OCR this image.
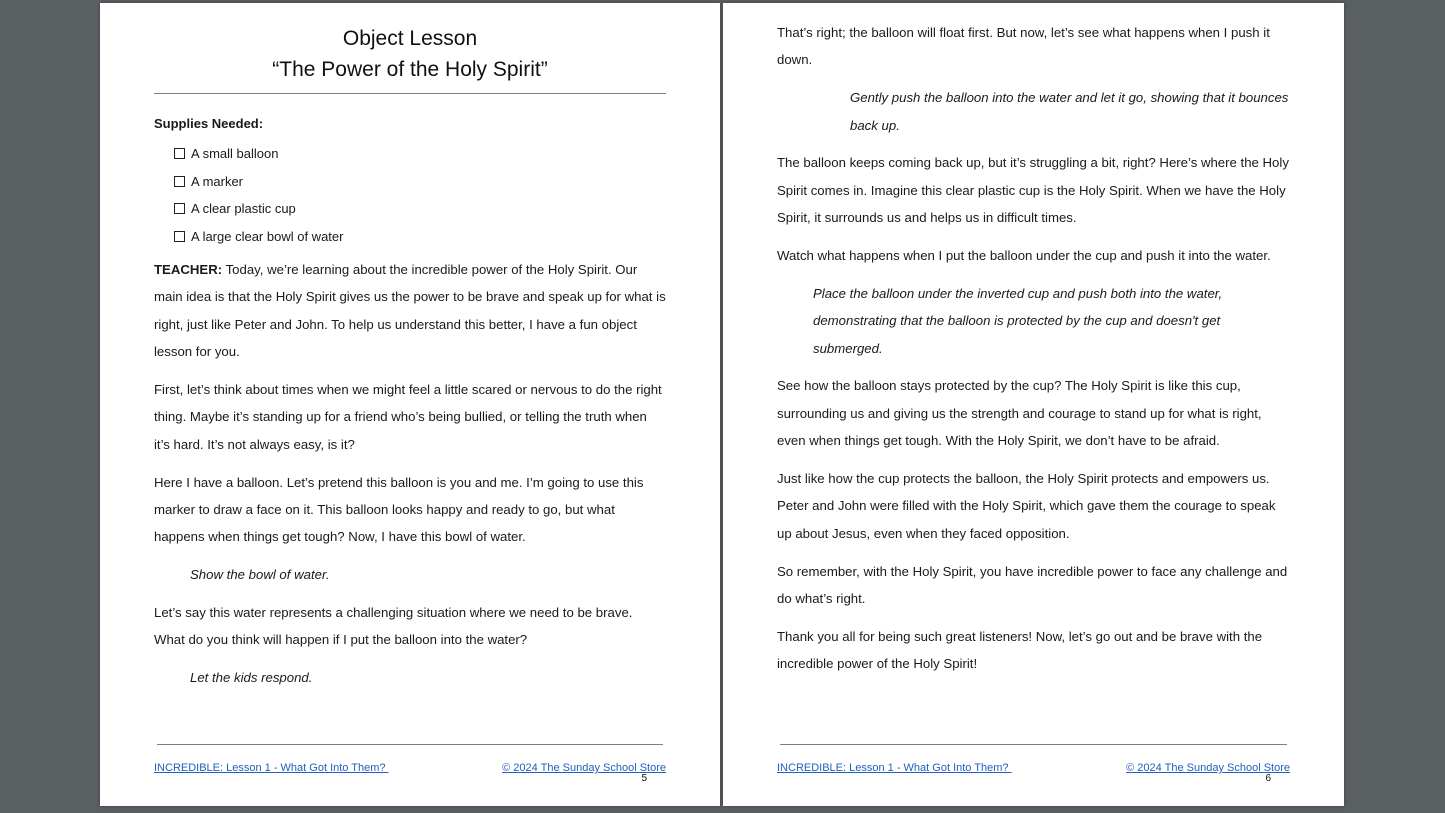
Object Lesson
“The Power of the Holy Spirit”
Supplies Needed:
A small balloon
A marker
A clear plastic cup
A large clear bowl of water

TEACHER: Today, we’re learning about the incredible power of the Holy Spirit. Our main idea is that the Holy Spirit gives us the power to be brave and speak up for what is right, just like Peter and John. To help us understand this better, I have a fun object lesson for you.

First, let’s think about times when we might feel a little scared or nervous to do the right thing. Maybe it’s standing up for a friend who’s being bullied, or telling the truth when it’s hard. It’s not always easy, is it?

Here I have a balloon. Let’s pretend this balloon is you and me. I’m going to use this marker to draw a face on it. This balloon looks happy and ready to go, but what happens when things get tough? Now, I have this bowl of water.

Show the bowl of water.

Let’s say this water represents a challenging situation where we need to be brave. What do you think will happen if I put the balloon into the water?

Let the kids respond.

INCREDIBLE: Lesson 1 - What Got Into Them?	© 2024 The Sunday School Store
5

That’s right; the balloon will float first. But now, let’s see what happens when I push it down.

Gently push the balloon into the water and let it go, showing that it bounces back up.

The balloon keeps coming back up, but it’s struggling a bit, right? Here’s where the Holy Spirit comes in. Imagine this clear plastic cup is the Holy Spirit. When we have the Holy Spirit, it surrounds us and helps us in difficult times.

Watch what happens when I put the balloon under the cup and push it into the water.

Place the balloon under the inverted cup and push both into the water, demonstrating that the balloon is protected by the cup and doesn't get submerged.

See how the balloon stays protected by the cup? The Holy Spirit is like this cup, surrounding us and giving us the strength and courage to stand up for what is right, even when things get tough. With the Holy Spirit, we don’t have to be afraid.

Just like how the cup protects the balloon, the Holy Spirit protects and empowers us. Peter and John were filled with the Holy Spirit, which gave them the courage to speak up about Jesus, even when they faced opposition.

So remember, with the Holy Spirit, you have incredible power to face any challenge and do what’s right.

Thank you all for being such great listeners! Now, let’s go out and be brave with the incredible power of the Holy Spirit!

INCREDIBLE: Lesson 1 - What Got Into Them?	© 2024 The Sunday School Store
6
